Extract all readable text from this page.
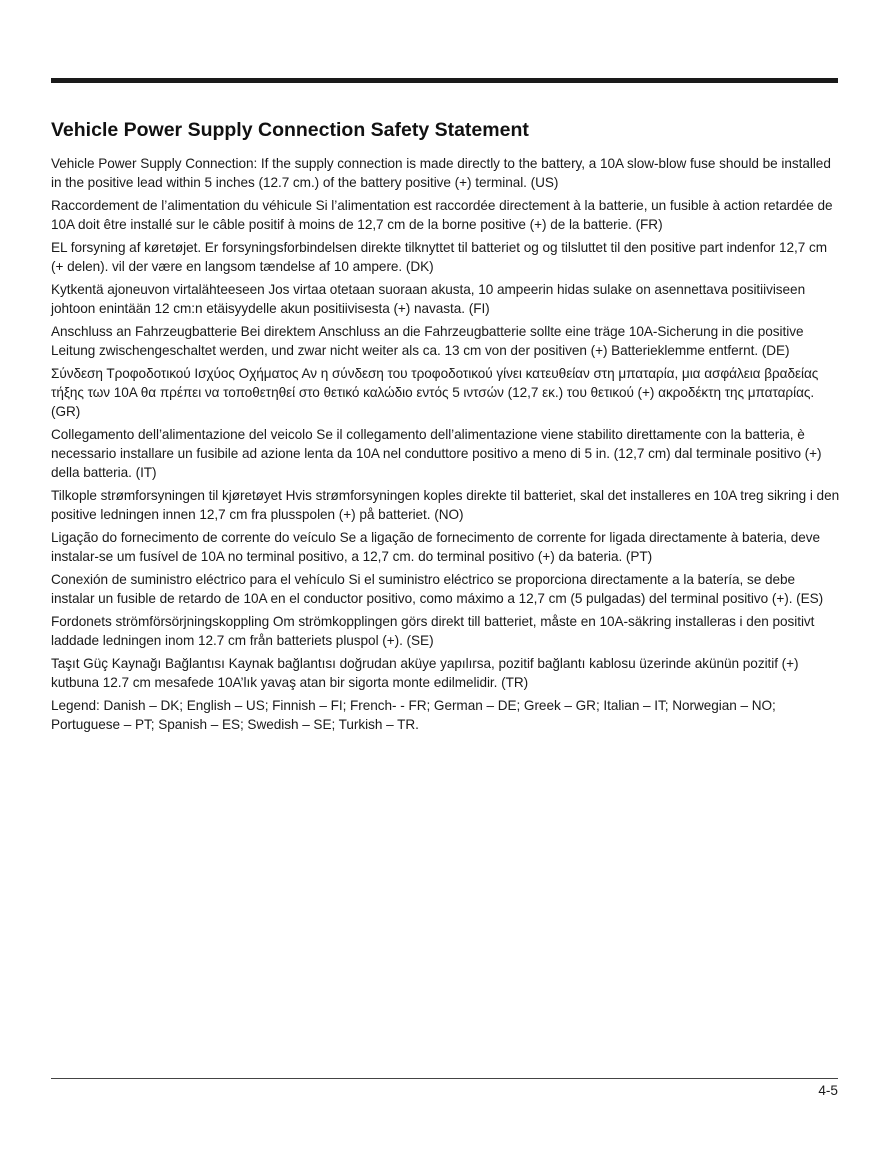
Vehicle Power Supply Connection Safety Statement

Vehicle Power Supply Connection: If the supply connection is made directly to the battery, a 10A slow-blow fuse should be installed in the positive lead within 5 inches (12.7 cm.) of the battery positive (+) terminal. (US)

Raccordement de l’alimentation du véhicule Si l’alimentation est raccordée directement à la batterie, un fusible à action retardée de 10A doit être installé sur le câble positif à moins de 12,7 cm de la borne positive (+) de la batterie. (FR)

EL forsyning af køretøjet. Er forsyningsforbindelsen direkte tilknyttet til batteriet og og tilsluttet til den positive part indenfor 12,7 cm (+ delen). vil der være en langsom tændelse af 10 ampere. (DK)

Kytkentä ajoneuvon virtalähteeseen Jos virtaa otetaan suoraan akusta, 10 ampeerin hidas sulake on asennettava positiiviseen johtoon enintään 12 cm:n etäisyydelle akun positiivisesta (+) navasta. (FI)

Anschluss an Fahrzeugbatterie Bei direktem Anschluss an die Fahrzeugbatterie sollte eine träge 10A-Sicherung in die positive Leitung zwischengeschaltet werden, und zwar nicht weiter als ca. 13 cm von der positiven (+) Batterieklemme entfernt. (DE)

Σύνδεση Τροφοδοτικού Ισχύος Οχήματος Αν η σύνδεση του τροφοδοτικού γίνει κατευθείαν στη μπαταρία, μια ασφάλεια βραδείας τήξης των 10A θα πρέπει να τοποθετηθεί στο θετικό καλώδιο εντός 5 ιντσών (12,7 εκ.) του θετικού (+) ακροδέκτη της μπαταρίας. (GR)

Collegamento dell’alimentazione del veicolo Se il collegamento dell’alimentazione viene stabilito direttamente con la batteria, è necessario installare un fusibile ad azione lenta da 10A nel conduttore positivo a meno di 5 in. (12,7 cm) dal terminale positivo (+) della batteria. (IT)

Tilkople strømforsyningen til kjøretøyet Hvis strømforsyningen koples direkte til batteriet, skal det installeres en 10A treg sikring i den positive ledningen innen 12,7 cm fra plusspolen (+) på batteriet. (NO)

Ligação do fornecimento de corrente do veículo Se a ligação de fornecimento de corrente for ligada directamente à bateria, deve instalar-se um fusível de 10A no terminal positivo, a 12,7 cm. do terminal positivo (+) da bateria. (PT)

Conexión de suministro eléctrico para el vehículo Si el suministro eléctrico se proporciona directamente a la batería, se debe instalar un fusible de retardo de 10A en el conductor positivo, como máximo a 12,7 cm (5 pulgadas) del terminal positivo (+). (ES)

Fordonets strömförsörjningskoppling Om strömkopplingen görs direkt till batteriet, måste en 10A-säkring installeras i den positivt laddade ledningen inom 12.7 cm från batteriets pluspol (+). (SE)

Taşıt Güç Kaynağı Bağlantısı Kaynak bağlantısı doğrudan aküye yapılırsa, pozitif bağlantı kablosu üzerinde akünün pozitif (+) kutbuna 12.7 cm mesafede 10A’lık yavaş atan bir sigorta monte edilmelidir. (TR)

Legend: Danish – DK; English – US; Finnish – FI; French- - FR; German – DE; Greek – GR; Italian – IT; Norwegian – NO; Portuguese – PT; Spanish – ES; Swedish – SE; Turkish – TR.

4-5
